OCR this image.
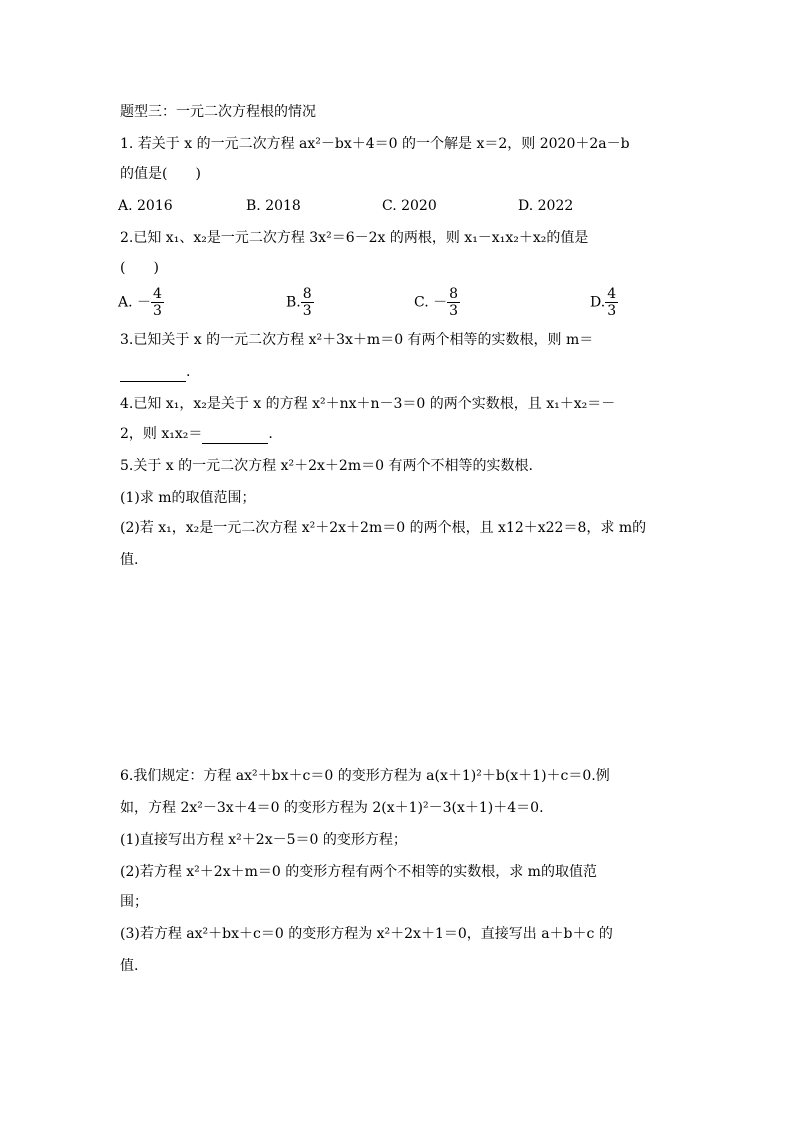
题型三：一元二次方程根的情况
1. 若关于 x 的一元二次方程 ax²－bx＋4＝0 的一个解是 x＝2，则 2020＋2a－b
的值是(　　)
A. 2016	B. 2018	C. 2020	D. 2022
2.已知 x₁、x₂是一元二次方程 3x²＝6－2x 的两根，则 x₁－x₁x₂＋x₂的值是
(　　)
A. － $\frac{4}{3}$	B. $\frac{8}{3}$	C. － $\frac{8}{3}$	D. $\frac{4}{3}$
3.已知关于 x 的一元二次方程 x²＋3x＋m＝0 有两个相等的实数根，则 m＝
.
4.已知 x₁，x₂是关于 x 的方程 x²＋nx＋n－3＝0 的两个实数根，且 x₁＋x₂＝－
2，则 x₁x₂＝	.
5.关于 x 的一元二次方程 x²＋2x＋2m＝0 有两个不相等的实数根.
(1)求 m的取值范围；
(2)若 x₁，x₂是一元二次方程 x²＋2x＋2m＝0 的两个根，且 x12＋x22＝8，求 m的
值.
6.我们规定：方程 ax²＋bx＋c＝0 的变形方程为 a(x＋1)²＋b(x＋1)＋c＝0.例
如，方程 2x²－3x＋4＝0 的变形方程为 2(x＋1)²－3(x＋1)＋4＝0.
(1)直接写出方程 x²＋2x－5＝0 的变形方程；
(2)若方程 x²＋2x＋m＝0 的变形方程有两个不相等的实数根，求 m的取值范
围；
(3)若方程 ax²＋bx＋c＝0 的变形方程为 x²＋2x＋1＝0，直接写出 a＋b＋c 的
值.
